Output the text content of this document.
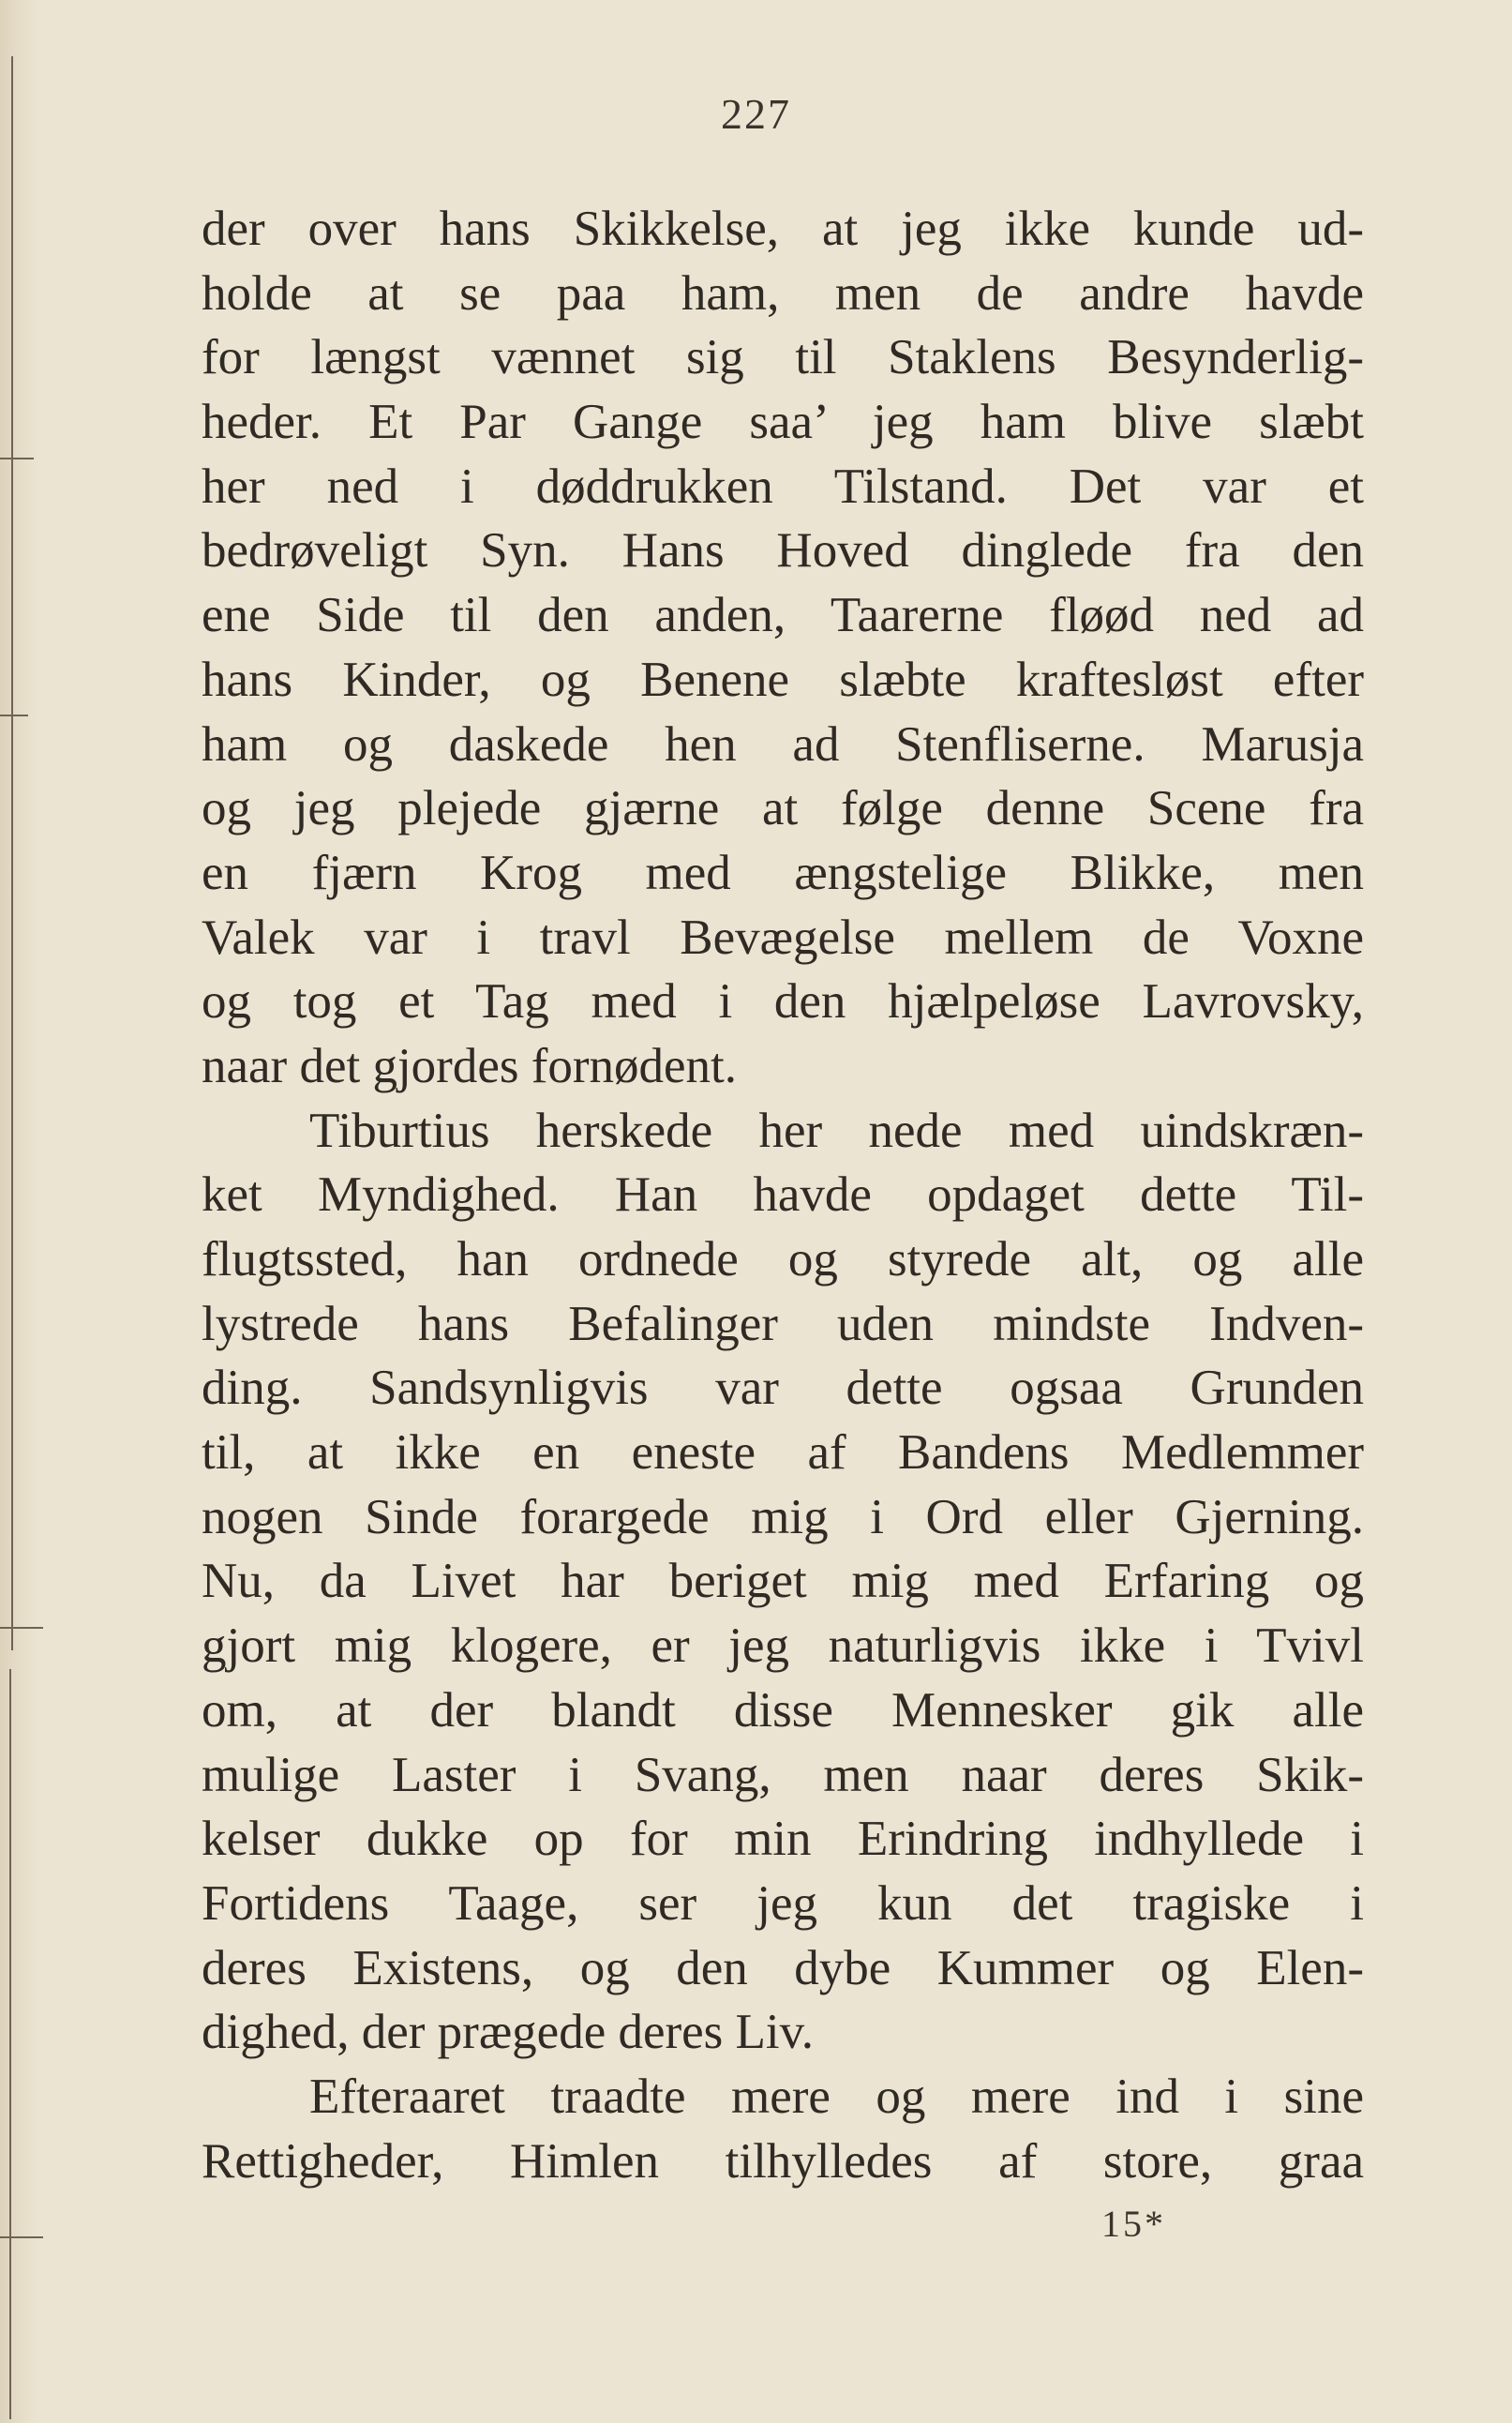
227
der over hans Skikkelse, at jeg ikke kunde ud-
holde at se paa ham, men de andre havde
for længst vænnet sig til Staklens Besynderlig-
heder. Et Par Gange saa’ jeg ham blive slæbt
her ned i døddrukken Tilstand. Det var et
bedrøveligt Syn. Hans Hoved dinglede fra den
ene Side til den anden, Taarerne fløød ned ad
hans Kinder, og Benene slæbte kraftesløst efter
ham og daskede hen ad Stenfliserne. Marusja
og jeg plejede gjærne at følge denne Scene fra
en fjærn Krog med ængstelige Blikke, men
Valek var i travl Bevægelse mellem de Voxne
og tog et Tag med i den hjælpeløse Lavrovsky,
naar det gjordes fornødent.
Tiburtius herskede her nede med uindskræn-
ket Myndighed. Han havde opdaget dette Til-
flugtssted, han ordnede og styrede alt, og alle
lystrede hans Befalinger uden mindste Indven-
ding. Sandsynligvis var dette ogsaa Grunden
til, at ikke en eneste af Bandens Medlemmer
nogen Sinde forargede mig i Ord eller Gjerning.
Nu, da Livet har beriget mig med Erfaring og
gjort mig klogere, er jeg naturligvis ikke i Tvivl
om, at der blandt disse Mennesker gik alle
mulige Laster i Svang, men naar deres Skik-
kelser dukke op for min Erindring indhyllede i
Fortidens Taage, ser jeg kun det tragiske i
deres Existens, og den dybe Kummer og Elen-
dighed, der prægede deres Liv.
Efteraaret traadte mere og mere ind i sine
Rettigheder, Himlen tilhylledes af store, graa
15*
